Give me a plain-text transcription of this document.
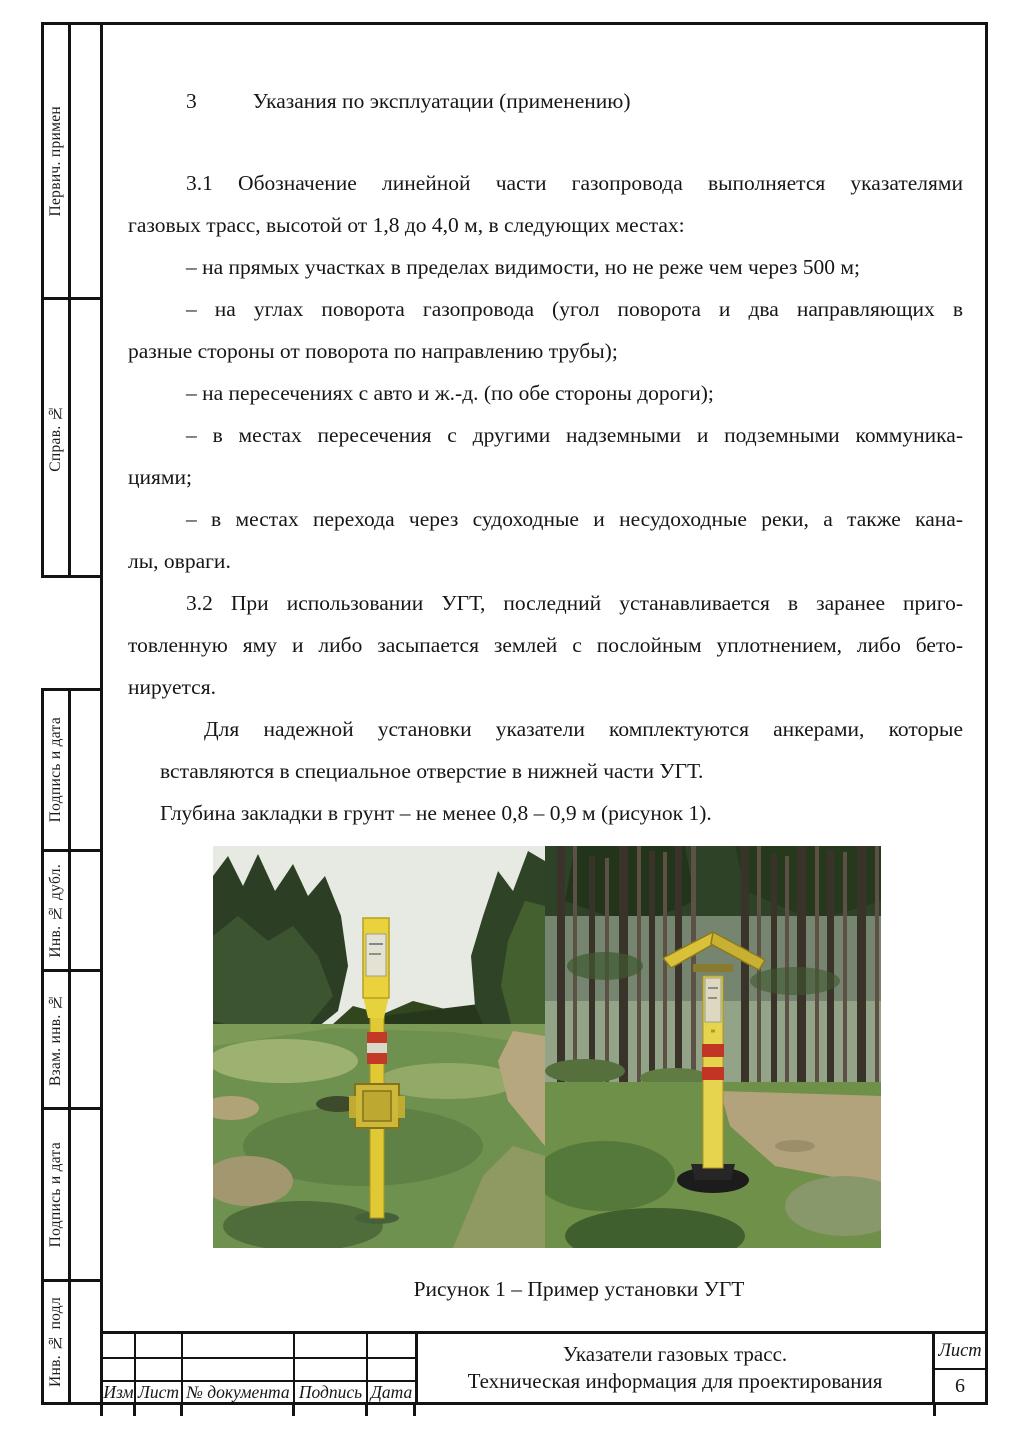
Первич. примен
Справ. №
Подпись и дата
Инв. № дубл.
Взам. инв. №
Подпись и дата
Инв. № подл

3	Указания по эксплуатации (применению)

3.1 Обозначение линейной части газопровода выполняется указателями
газовых трасс, высотой от 1,8 до 4,0 м, в следующих местах:

– на прямых участках в пределах видимости, но не реже чем через 500 м;

– на углах поворота газопровода (угол поворота и два направляющих в
разные стороны от поворота по направлению трубы);

– на пересечениях с авто и ж.-д. (по обе стороны дороги);

– в местах пересечения с другими надземными и подземными коммуника-
циями;

– в местах перехода через судоходные и несудоходные реки, а также кана-
лы, овраги.

3.2 При использовании УГТ, последний устанавливается в заранее приго-
товленную яму и либо засыпается землей с послойным уплотнением, либо бето-
нируется.

Для надежной установки указатели комплектуются анкерами, которые
вставляются в специальное отверстие в нижней части УГТ.

Глубина закладки в грунт – не менее 0,8 – 0,9 м (рисунок 1).

Рисунок 1 – Пример установки УГТ
Изм Лист № документа Подпись Дата
Указатели газовых трасс.
Техническая информация для проектирования
Лист
6
